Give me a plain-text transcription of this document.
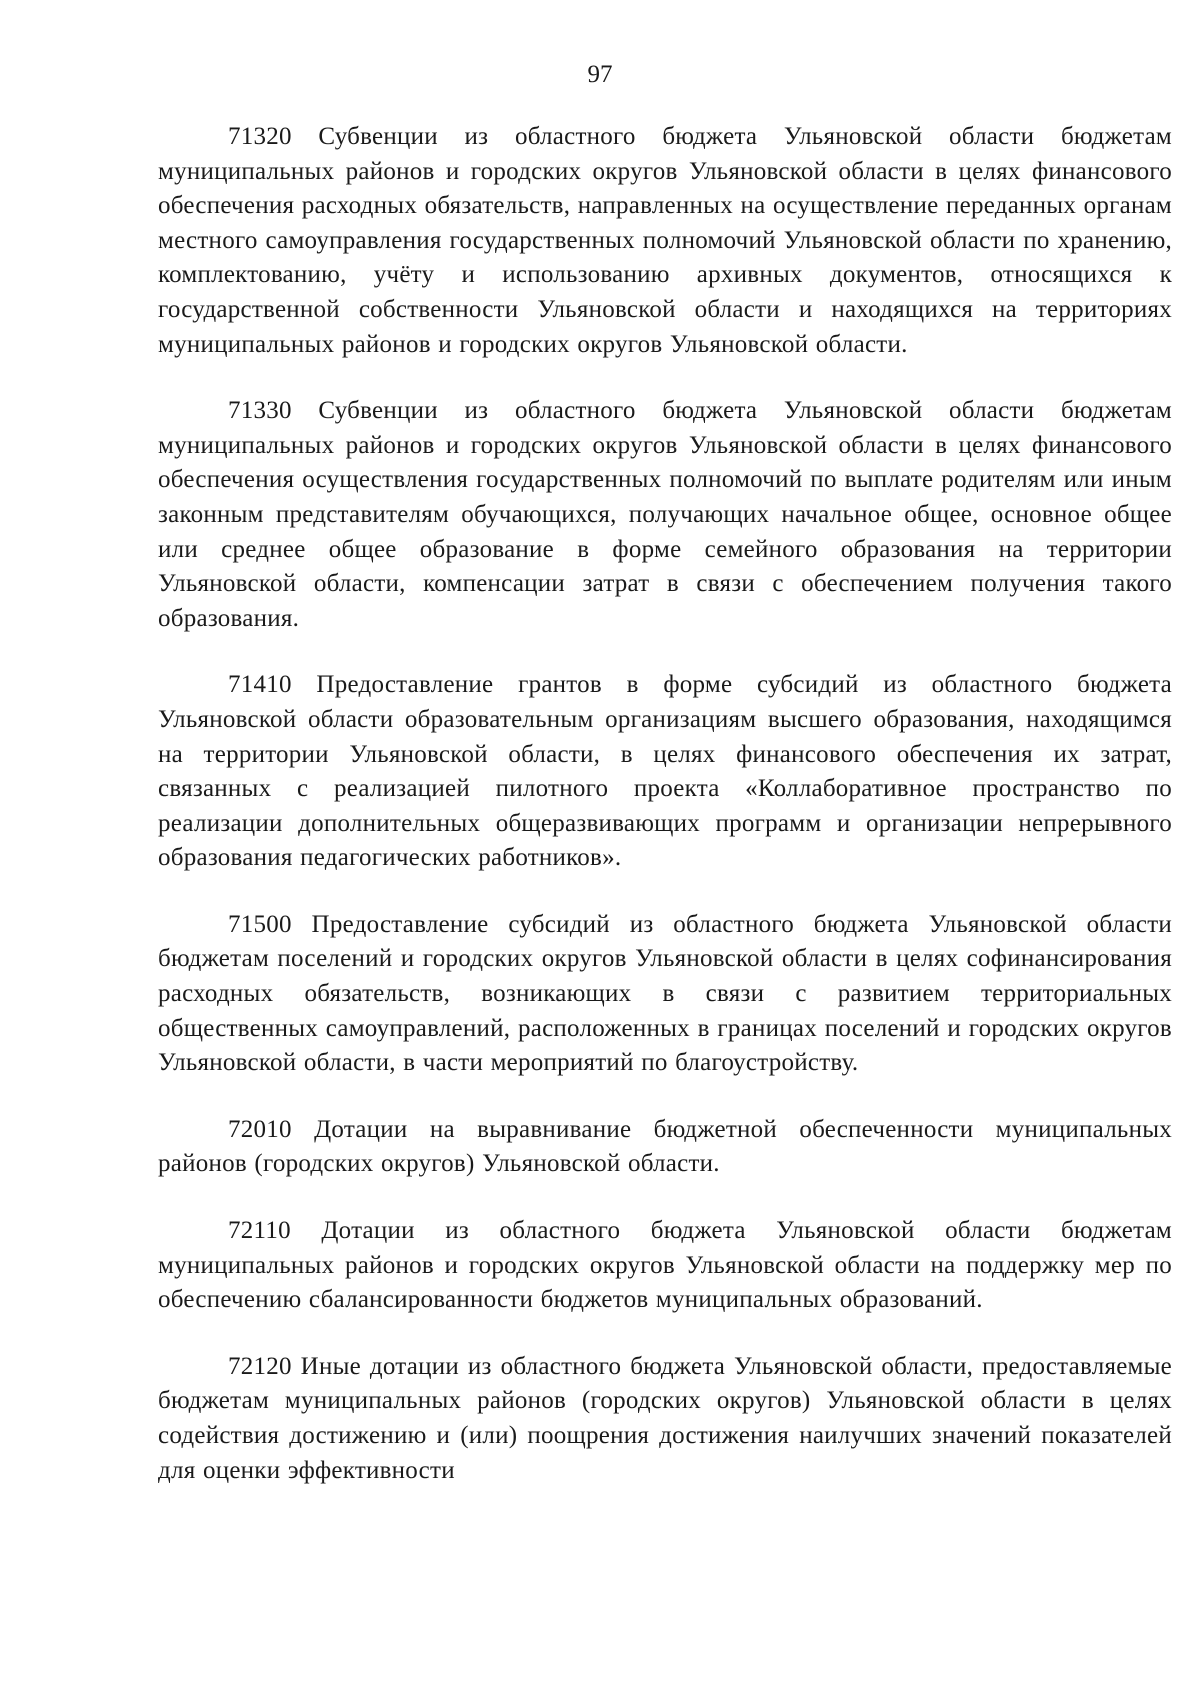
97

71320 Субвенции из областного бюджета Ульяновской области бюджетам муниципальных районов и городских округов Ульяновской области в целях финансового обеспечения расходных обязательств, направленных на осуществление переданных органам местного самоуправления государственных полномочий Ульяновской области по хранению, комплектованию, учёту и использованию архивных документов, относящихся к государственной собственности Ульяновской области и находящихся на территориях муниципальных районов и городских округов Ульяновской области.

71330 Субвенции из областного бюджета Ульяновской области бюджетам муниципальных районов и городских округов Ульяновской области в целях финансового обеспечения осуществления государственных полномочий по выплате родителям или иным законным представителям обучающихся, получающих начальное общее, основное общее или среднее общее образование в форме семейного образования на территории Ульяновской области, компенсации затрат в связи с обеспечением получения такого образования.

71410 Предоставление грантов в форме субсидий из областного бюджета Ульяновской области образовательным организациям высшего образования, находящимся на территории Ульяновской области, в целях финансового обеспечения их затрат, связанных с реализацией пилотного проекта «Коллаборативное пространство по реализации дополнительных общеразвивающих программ и организации непрерывного образования педагогических работников».

71500 Предоставление субсидий из областного бюджета Ульяновской области бюджетам поселений и городских округов Ульяновской области в целях софинансирования расходных обязательств, возникающих в связи с развитием территориальных общественных самоуправлений, расположенных в границах поселений и городских округов Ульяновской области, в части мероприятий по благоустройству.

72010 Дотации на выравнивание бюджетной обеспеченности муниципальных районов (городских округов) Ульяновской области.

72110 Дотации из областного бюджета Ульяновской области бюджетам муниципальных районов и городских округов Ульяновской области на поддержку мер по обеспечению сбалансированности бюджетов муниципальных образований.

72120 Иные дотации из областного бюджета Ульяновской области, предоставляемые бюджетам муниципальных районов (городских округов) Ульяновской области в целях содействия достижению и (или) поощрения достижения наилучших значений показателей для оценки эффективности
